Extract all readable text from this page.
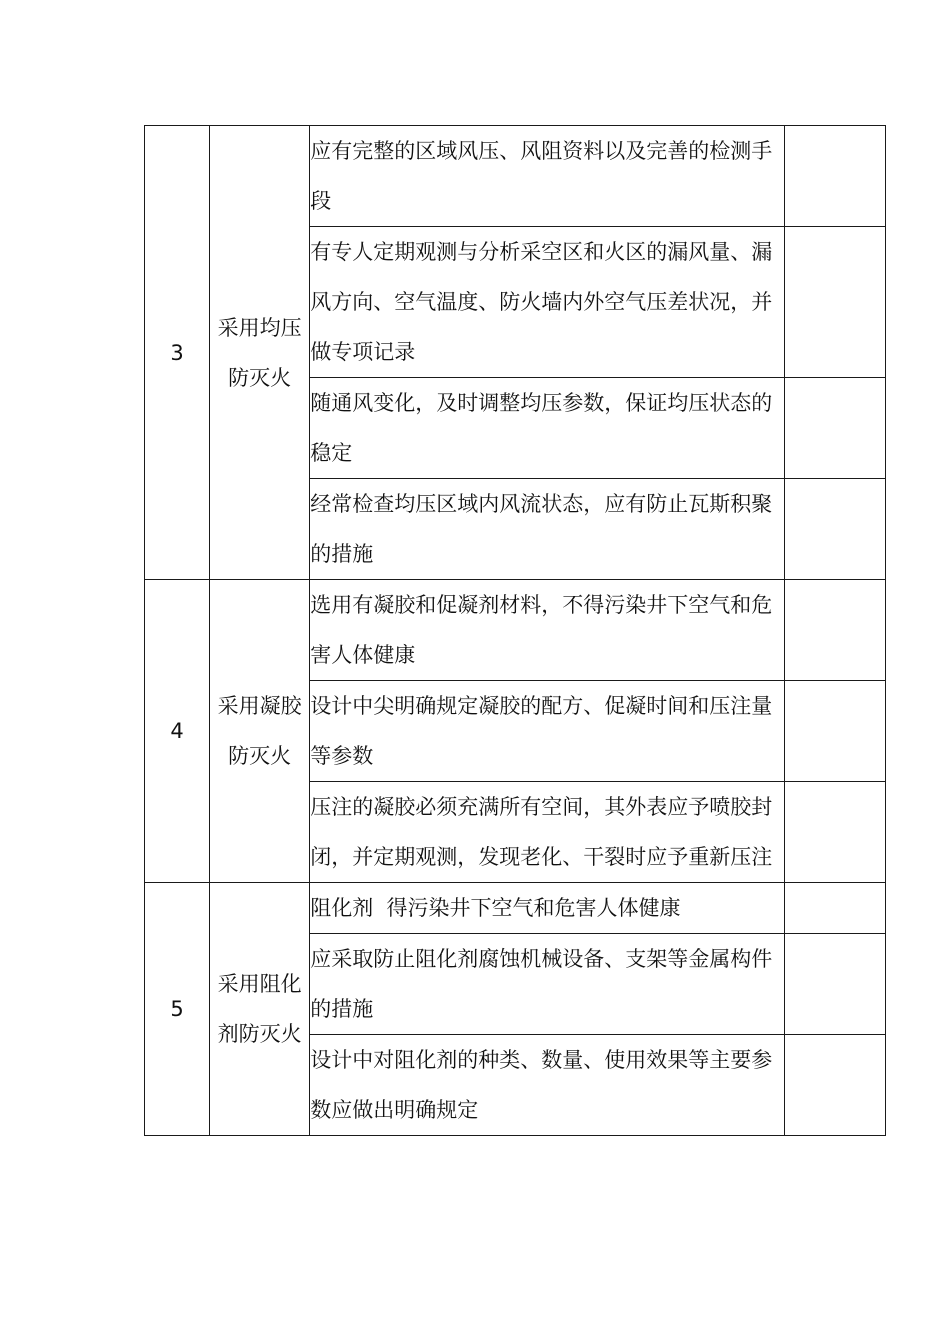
3	采用均压防灭火	应有完整的区域风压、风阻资料以及完善的检测手段	
		有专人定期观测与分析采空区和火区的漏风量、漏风方向、空气温度、防火墙内外空气压差状况，并做专项记录	
		随通风变化，及时调整均压参数，保证均压状态的稳定	
		经常检查均压区域内风流状态，应有防止瓦斯积聚的措施	
4	采用凝胶防灭火	选用有凝胶和促凝剂材料，不得污染井下空气和危害人体健康	
		设计中尖明确规定凝胶的配方、促凝时间和压注量等参数	
		压注的凝胶必须充满所有空间，其外表应予喷胶封闭，并定期观测，发现老化、干裂时应予重新压注	
5	采用阻化剂防灭火	阻化剂  得污染井下空气和危害人体健康	
		应采取防止阻化剂腐蚀机械设备、支架等金属构件的措施	
		设计中对阻化剂的种类、数量、使用效果等主要参数应做出明确规定	
